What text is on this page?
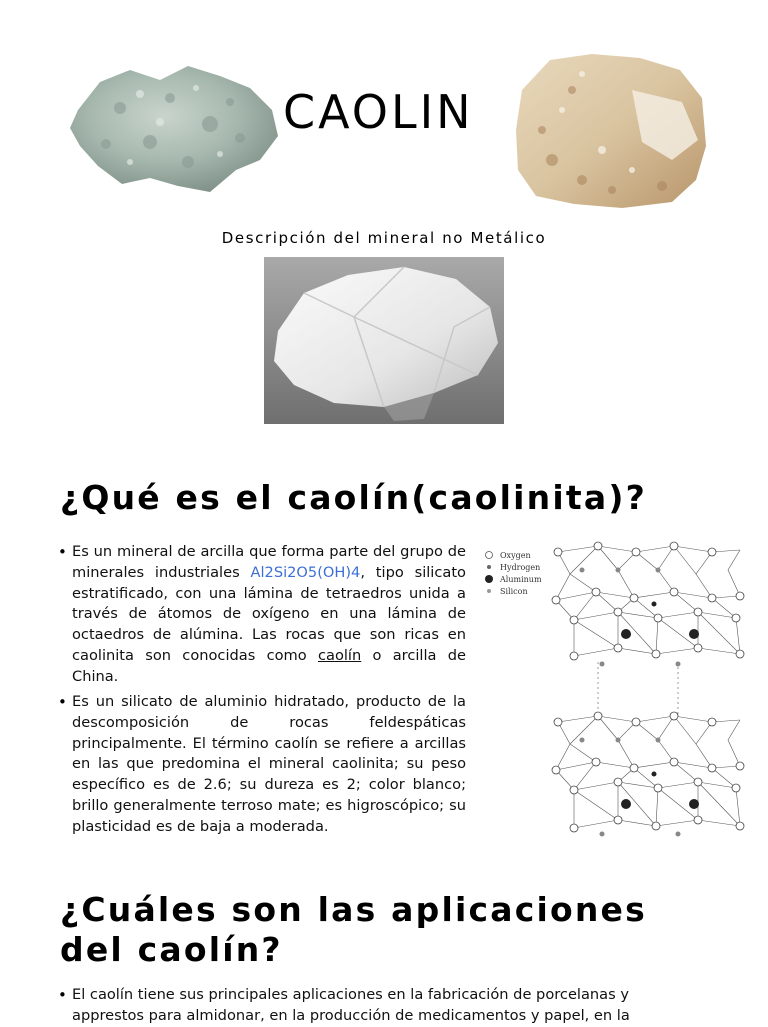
CAOLIN
Descripción del mineral no Metálico
¿Qué es el caolín(caolinita)?
• Es un mineral de arcilla que forma parte del grupo de minerales industriales Al2Si2O5(OH)4, tipo silicato estratificado, con una lámina de tetraedros unida a través de átomos de oxígeno en una lámina de octaedros de alúmina. Las rocas que son ricas en caolinita son conocidas como caolín o arcilla de China.

• Es un silicato de aluminio hidratado, producto de la descomposición de rocas feldespáticas principalmente. El término caolín se refiere a arcillas en las que predomina el mineral caolinita; su peso específico es de 2.6; su dureza es 2; color blanco; brillo generalmente terroso mate; es higroscópico; su plasticidad es de baja a moderada.

Oxygen
Hydrogen
Aluminum
Silicon
¿Cuáles son las aplicaciones
del caolín?
• El caolín tiene sus principales aplicaciones en la fabricación de porcelanas y
apprestos para almidonar, en la producción de medicamentos y papel, en la
